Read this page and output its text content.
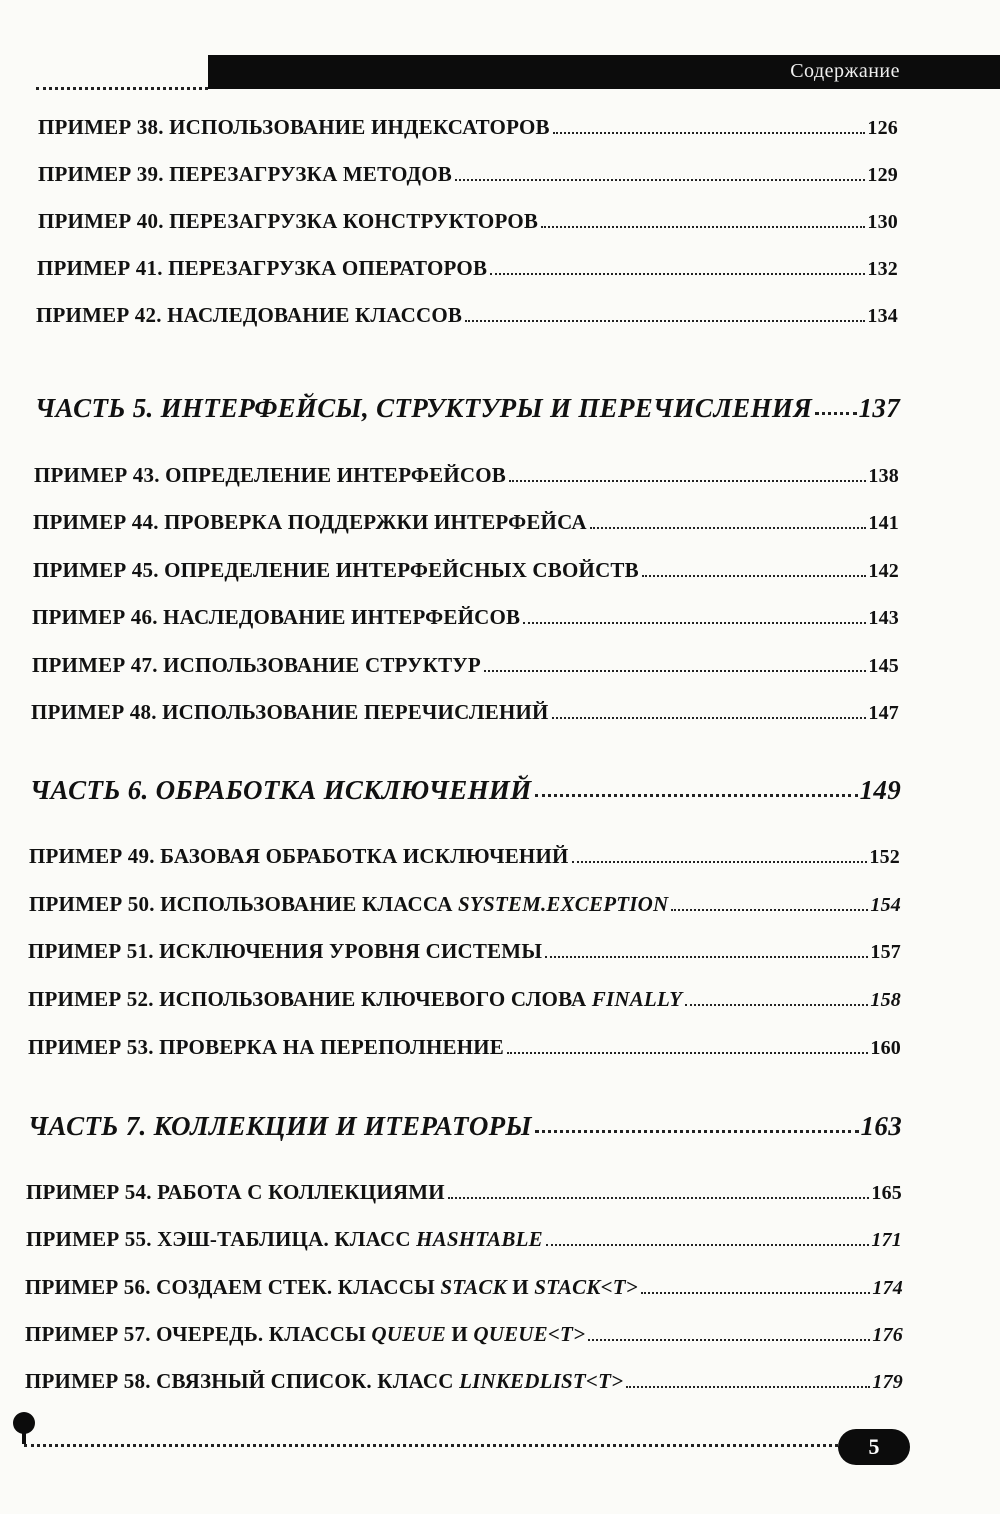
Содержание
ПРИМЕР 38. ИСПОЛЬЗОВАНИЕ ИНДЕКСАТОРОВ	126
ПРИМЕР 39. ПЕРЕЗАГРУЗКА МЕТОДОВ	129
ПРИМЕР 40. ПЕРЕЗАГРУЗКА КОНСТРУКТОРОВ	130
ПРИМЕР 41. ПЕРЕЗАГРУЗКА ОПЕРАТОРОВ	132
ПРИМЕР 42. НАСЛЕДОВАНИЕ КЛАССОВ	134
ЧАСТЬ 5. ИНТЕРФЕЙСЫ, СТРУКТУРЫ И ПЕРЕЧИСЛЕНИЯ 137
ПРИМЕР 43. ОПРЕДЕЛЕНИЕ ИНТЕРФЕЙСОВ	138
ПРИМЕР 44. ПРОВЕРКА ПОДДЕРЖКИ ИНТЕРФЕЙСА	141
ПРИМЕР 45. ОПРЕДЕЛЕНИЕ ИНТЕРФЕЙСНЫХ СВОЙСТВ	142
ПРИМЕР 46. НАСЛЕДОВАНИЕ ИНТЕРФЕЙСОВ	143
ПРИМЕР 47. ИСПОЛЬЗОВАНИЕ СТРУКТУР	145
ПРИМЕР 48. ИСПОЛЬЗОВАНИЕ ПЕРЕЧИСЛЕНИЙ	147
ЧАСТЬ 6. ОБРАБОТКА ИСКЛЮЧЕНИЙ	149
ПРИМЕР 49. БАЗОВАЯ ОБРАБОТКА ИСКЛЮЧЕНИЙ	152
ПРИМЕР 50. ИСПОЛЬЗОВАНИЕ КЛАССА SYSTEM.EXCEPTION	154
ПРИМЕР 51. ИСКЛЮЧЕНИЯ УРОВНЯ СИСТЕМЫ	157
ПРИМЕР 52. ИСПОЛЬЗОВАНИЕ КЛЮЧЕВОГО СЛОВА FINALLY	158
ПРИМЕР 53. ПРОВЕРКА НА ПЕРЕПОЛНЕНИЕ	160
ЧАСТЬ 7. КОЛЛЕКЦИИ И ИТЕРАТОРЫ	163
ПРИМЕР 54. РАБОТА С КОЛЛЕКЦИЯМИ	165
ПРИМЕР 55. ХЭШ-ТАБЛИЦА. КЛАСС HASHTABLE	171
ПРИМЕР 56. СОЗДАЕМ СТЕК. КЛАССЫ STACK И STACK<T>	174
ПРИМЕР 57. ОЧЕРЕДЬ. КЛАССЫ QUEUE И QUEUE<T>	176
ПРИМЕР 58. СВЯЗНЫЙ СПИСОК. КЛАСС LINKEDLIST<T>	179
5
